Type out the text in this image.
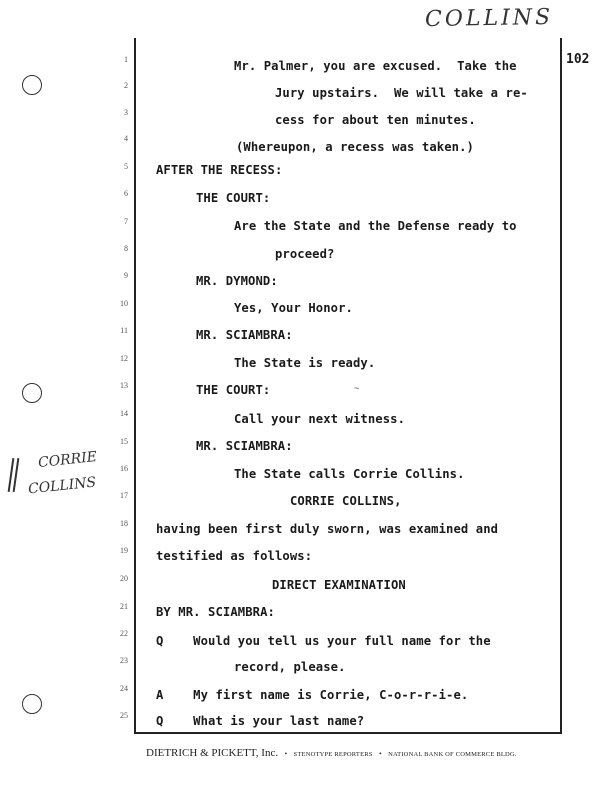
COLLINS
CORRIE
COLLINS
102
1
2
3
4
5
6
7
8
9
10
11
12
13
14
15
16
17
18
19
20
21
22
23
24
25
Mr. Palmer, you are excused.  Take the
Jury upstairs.  We will take a re-
cess for about ten minutes.
(Whereupon, a recess was taken.)
AFTER THE RECESS:
THE COURT:
Are the State and the Defense ready to
proceed?
MR. DYMOND:
Yes, Your Honor.
MR. SCIAMBRA:
The State is ready.
THE COURT:
Call your next witness.
MR. SCIAMBRA:
The State calls Corrie Collins.
CORRIE COLLINS,
having been first duly sworn, was examined and
testified as follows:
DIRECT EXAMINATION
BY MR. SCIAMBRA:
Q    Would you tell us your full name for the
record, please.
A    My first name is Corrie, C-o-r-r-i-e.
Q    What is your last name?
~
DIETRICH & PICKETT, Inc. • STENOTYPE REPORTERS • NATIONAL BANK OF COMMERCE BLDG.
